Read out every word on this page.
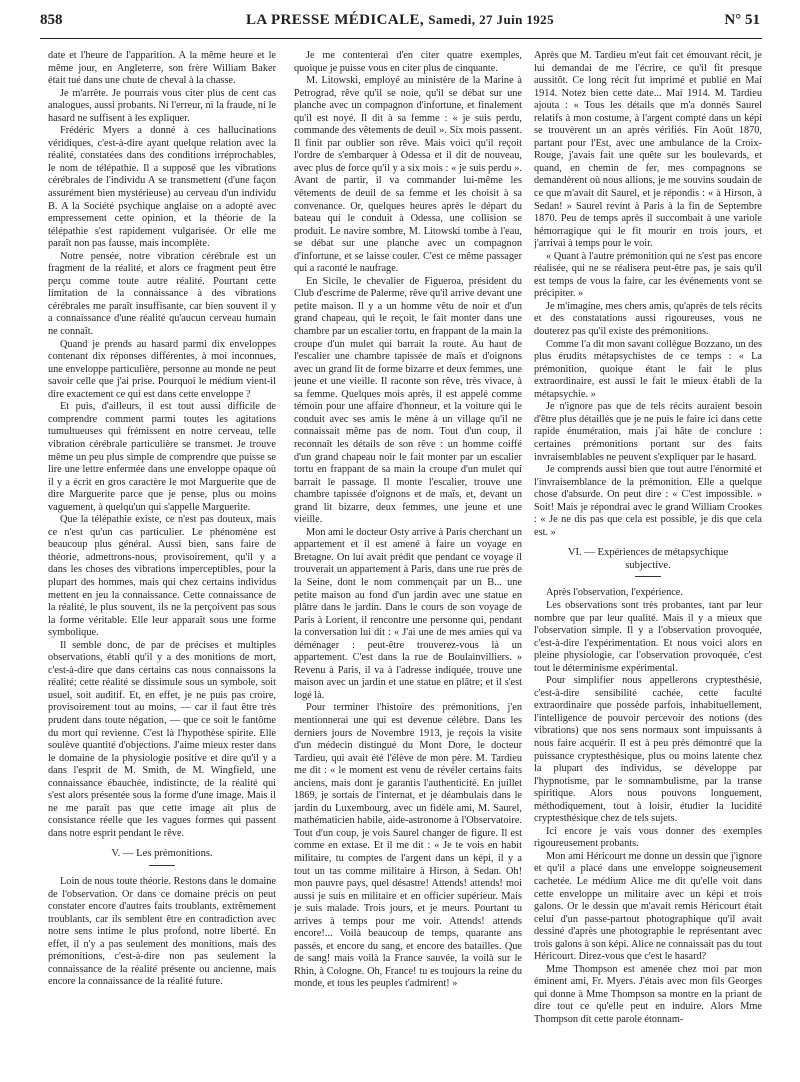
858	LA PRESSE MÉDICALE, Samedi, 27 Juin 1925	N° 51

date et l'heure de l'apparition. A la même heure et le même jour, en Angleterre, son frère William Baker était tué dans une chute de cheval à la chasse.

Je m'arrête. Je pourrais vous citer plus de cent cas analogues, aussi probants. Ni l'erreur, ni la fraude, ni le hasard ne suffisent à les expliquer.

Frédéric Myers a donné à ces hallucinations véridiques, c'est-à-dire ayant quelque relation avec la réalité, constatées dans des conditions irréprochables, le nom de télépathie. Il a supposé que les vibrations cérébrales de l'individu A se transmettent (d'une façon assurément bien mystérieuse) au cerveau d'un individu B. A la Société psychique anglaise on a adopté avec empressement cette opinion, et la théorie de la télépathie s'est rapidement vulgarisée. Or elle me paraît non pas fausse, mais incomplète.

Notre pensée, notre vibration cérébrale est un fragment de la réalité, et alors ce fragment peut être perçu comme toute autre réalité. Pourtant cette limitation de la connaissance à des vibrations cérébrales me paraît insuffisante, car bien souvent il y a connaissance d'une réalité qu'aucun cerveau humain ne connaît.

Quand je prends au hasard parmi dix enveloppes contenant dix réponses différentes, à moi inconnues, une enveloppe particulière, personne au monde ne peut savoir celle que j'ai prise. Pourquoi le médium vient-il dire exactement ce qui est dans cette enveloppe ?

Et puis, d'ailleurs, il est tout aussi difficile de comprendre comment parmi toutes les agitations tumultueuses qui frémissent en notre cerveau, telle vibration cérébrale particulière se transmet. Je trouve même un peu plus simple de comprendre que puisse se lire une lettre enfermée dans une enveloppe opaque où il y a écrit en gros caractère le mot Marguerite que de dire Marguerite parce que je pense, plus ou moins vaguement, à quelqu'un qui s'appelle Marguerite.

Que la télépathie existe, ce n'est pas douteux, mais ce n'est qu'un cas particulier. Le phénomène est beaucoup plus général. Aussi bien, sans faire de théorie, admettrons-nous, provisoirement, qu'il y a dans les choses des vibrations imperceptibles, pour la plupart des hommes, mais qui chez certains individus mettent en jeu la connaissance. Cette connaissance de la réalité, le plus souvent, ils ne la perçoivent pas sous la forme véritable. Elle leur apparaît sous une forme symbolique.

Il semble donc, de par de précises et multiples observations, établi qu'il y a des monitions de mort, c'est-à-dire que dans certains cas nous connaissons la réalité; cette réalité se dissimule sous un symbole, soit usuel, soit auditif. Et, en effet, je ne puis pas croire, provisoirement tout au moins, — car il faut être très prudent dans toute négation, — que ce soit le fantôme du mort qui revienne. C'est là l'hypothèse spirite. Elle soulève quantité d'objections. J'aime mieux rester dans le domaine de la physiologie positive et dire qu'il y a dans l'esprit de M. Smith, de M. Wingfield, une connaissance ébauchée, indistincte, de la réalité qui s'est alors présentée sous la forme d'une image. Mais il ne me paraît pas que cette image ait plus de consistance réelle que les vagues formes qui passent dans notre esprit pendant le rêve.

V. — Les prémonitions.

Loin de nous toute théorie. Restons dans le domaine de l'observation. Or dans ce domaine précis on peut constater encore d'autres faits troublants, extrêmement troublants, car ils semblent être en contradiction avec notre sens intime le plus profond, notre liberté. En effet, il n'y a pas seulement des monitions, mais des prémonitions, c'est-à-dire non pas seulement la connaissance de la réalité présente ou ancienne, mais encore la connaissance de la réalité future.

Je me contenterai d'en citer quatre exemples, quoique je puisse vous en citer plus de cinquante.

M. Litowski, employé au ministère de la Marine à Petrograd, rêve qu'il se noie, qu'il se débat sur une planche avec un compagnon d'infortune, et finalement qu'il est noyé. Il dit à sa femme : « je suis perdu, commande des vêtements de deuil ». Six mois passent. Il finit par oublier son rêve. Mais voici qu'il reçoit l'ordre de s'embarquer à Odessa et il dit de nouveau, avec plus de force qu'il y a six mois : « je suis perdu ». Avant de partir, il va commander lui-même les vêtements de deuil de sa femme et les choisit à sa convenance. Or, quelques heures après le départ du bateau qui le conduit à Odessa, une collision se produit. Le navire sombre, M. Litowski tombe à l'eau, se débat sur une planche avec un compagnon d'infortune, et se laisse couler. C'est ce même passager qui a raconté le naufrage.

En Sicile, le chevalier de Figueroa, président du Club d'escrime de Palerme, rêve qu'il arrive devant une petite maison. Il y a un homme vêtu de noir et d'un grand chapeau, qui le reçoit, le fait monter dans une chambre par un escalier tortu, en frappant de la main la croupe d'un mulet qui barrait la route. Au haut de l'escalier une chambre tapissée de maïs et d'oignons avec un grand lit de forme bizarre et deux femmes, une jeune et une vieille. Il raconte son rêve, très vivace, à sa femme. Quelques mois après, il est appelé comme témoin pour une affaire d'honneur, et la voiture qui le conduit avec ses amis le mène à un village qu'il ne connaissait même pas de nom. Tout d'un coup, il reconnaît les détails de son rêve : un homme coiffé d'un grand chapeau noir le fait monter par un escalier tortu en frappant de sa main la croupe d'un mulet qui barrait le passage. Il monte l'escalier, trouve une chambre tapissée d'oignons et de maïs, et, devant un grand lit bizarre, deux femmes, une jeune et une vieille.

Mon ami le docteur Osty arrive à Paris cherchant un appartement et il est amené à faire un voyage en Bretagne. On lui avait prédit que pendant ce voyage il trouverait un appartement à Paris, dans une rue près de la Seine, dont le nom commençait par un B... une petite maison au fond d'un jardin avec une statue en plâtre dans le jardin. Dans le cours de son voyage de Paris à Lorient, il rencontre une personne qui, pendant la conversation lui dit : « J'ai une de mes amies qui va déménager : peut-être trouverez-vous là un appartement. C'est dans la rue de Boulainvilliers. » Revenu à Paris, il va à l'adresse indiquée, trouve une maison avec un jardin et une statue en plâtre; et il s'est logé là.

Pour terminer l'histoire des prémonitions, j'en mentionnerai une qui est devenue célèbre. Dans les derniers jours de Novembre 1913, je reçois la visite d'un médecin distingué du Mont Dore, le docteur Tardieu, qui avait été l'élève de mon père. M. Tardieu me dit : « le moment est venu de révéler certains faits anciens, mais dont je garantis l'authenticité. En juillet 1869, je sortais de l'internat, et je déambulais dans le jardin du Luxembourg, avec un fidèle ami, M. Saurel, mathématicien habile, aide-astronome à l'Observatoire. Tout d'un coup, je vois Saurel changer de figure. Il est comme en extase. Et il me dit : « Je te vois en habit militaire, tu comptes de l'argent dans un képi, il y a tout un tas comme militaire à Hirson, à Sedan. Oh! mon pauvre pays, quel désastre! Attends! attends! moi aussi je suis en militaire et en officier supérieur. Mais je suis malade. Trois jours, et je meurs. Pourtant tu arrives à temps pour me voir. Attends! attends encore!... Voilà beaucoup de temps, quarante ans passés, et encore du sang, et encore des batailles. Que de sang! mais voilà la France sauvée, la voilà sur le Rhin, à Cologne. Oh, France! tu es toujours la reine du monde, et tous les peuples t'admirent! »

Après que M. Tardieu m'eut fait cet émouvant récit, je lui demandai de me l'écrire, ce qu'il fit presque aussitôt. Ce long récit fut imprimé et publié en Mai 1914. Notez bien cette date... Mai 1914. M. Tardieu ajouta : « Tous les détails que m'a donnés Saurel relatifs à mon costume, à l'argent compté dans un képi se trouvèrent un an après vérifiés. Fin Août 1870, partant pour l'Est, avec une ambulance de la Croix-Rouge, j'avais fait une quête sur les boulevards, et quand, en chemin de fer, mes compagnons se demandèrent où nous allions, je me souvins soudain de ce que m'avait dit Saurel, et je répondis : « à Hirson, à Sedan! » Saurel revint à Paris à la fin de Septembre 1870. Peu de temps après il succombait à une variole hémorragique qui le fit mourir en trois jours, et j'arrivai à temps pour le voir.

« Quant à l'autre prémonition qui ne s'est pas encore réalisée, qui ne se réalisera peut-être pas, je sais qu'il est temps de vous la faire, car les événements vont se précipiter. »

Je m'imagine, mes chers amis, qu'après de tels récits et des constatations aussi rigoureuses, vous ne douterez pas qu'il existe des prémonitions.

Comme l'a dit mon savant collègue Bozzano, un des plus érudits métapsychistes de ce temps : « La prémonition, quoique étant le fait le plus extraordinaire, est aussi le fait le mieux établi de la métapsychie. »

Je n'ignore pas que de tels récits auraient besoin d'être plus détaillés que je ne puis le faire ici dans cette rapide énumération, mais j'ai hâte de conclure : certaines prémonitions portant sur des faits invraisemblables ne peuvent s'expliquer par le hasard.

Je comprends aussi bien que tout autre l'énormité et l'invraisemblance de la prémonition. Elle a quelque chose d'absurde. On peut dire : « C'est impossible. » Soit! Mais je répondrai avec le grand William Crookes : « Je ne dis pas que cela est possible, je dis que cela est. »

VI. — Expériences de métapsychique
subjective.

Après l'observation, l'expérience.

Les observations sont très probantes, tant par leur nombre que par leur qualité. Mais il y a mieux que l'observation simple. Il y a l'observation provoquée, c'est-à-dire l'expérimentation. Et nous voici alors en pleine physiologie, car l'observation provoquée, c'est tout le déterminisme expérimental.

Pour simplifier nous appellerons cryptesthésie, c'est-à-dire sensibilité cachée, cette faculté extraordinaire que possède parfois, inhabituellement, l'intelligence de pouvoir percevoir des notions (des vibrations) que nos sens normaux sont impuissants à nous faire acquérir. Il est à peu près démontré que la puissance cryptesthésique, plus ou moins latente chez la plupart des individus, se développe par l'hypnotisme, par le somnambulisme, par la transe spiritique. Alors nous pouvons longuement, méthodiquement, tout à loisir, étudier la lucidité cryptesthésique chez de tels sujets.

Ici encore je vais vous donner des exemples rigoureusement probants.

Mon ami Héricourt me donne un dessin que j'ignore et qu'il a placé dans une enveloppe soigneusement cachetée. Le médium Alice me dit qu'elle voit dans cette enveloppe un militaire avec un képi et trois galons. Or le dessin que m'avait remis Héricourt était celui d'un passe-partout photographique qu'il avait dessiné d'après une photographie le représentant avec trois galons à son képi. Alice ne connaissait pas du tout Héricourt. Direz-vous que c'est le hasard?

Mme Thompson est amenée chez moi par mon éminent ami, Fr. Myers. J'étais avec mon fils Georges qui donne à Mme Thompson sa montre en la priant de dire tout ce qu'elle peut en induire. Alors Mme Thompson dit cette parole étonnam-
